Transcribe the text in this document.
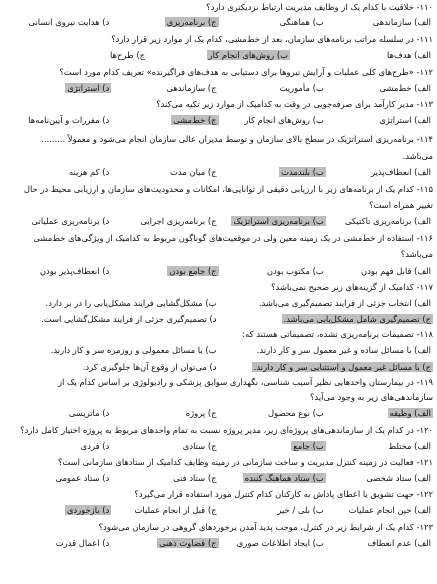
۱۱۰- خلاقیت با کدام یک از وظایف مدیریت ارتباط نزدیکتری دارد؟
الف) سازماندهی
ب) هماهنگی
ج) برنامه‌ریزی
د) هدایت نیروی انسانی
۱۱۱- در سلسله مراتب برنامه‌های سازمان، بعد از خط‌مشی، کدام یک از موارد زیر قرار دارد؟
الف) هدف‌ها
ب) روش‌های انجام کار
ج) طرح‌ها
۱۱۲- «طرح‌های کلی عملیات و آرایش نیروها برای دستیابی به هدف‌های فراگیرنده» تعریف کدام مورد است؟
الف) خط‌مشی
ب) مأموریت
ج) سازماندهی
د) استراتژی
۱۱۳- مدیر کارآمد برای صرفه‌جویی در وقت به کدامیک از موارد زیر تکیه می‌کند؟
الف) استراتژی
ب) روش‌های انجام کار
ج) خط‌مشی
د) مقررات و آیین‌نامه‌ها
۱۱۴- برنامه‌ریزی استراتژیک در سطح بالای سازمان و توسط مدیران عالی سازمان انجام می‌شود و معمولاً .........
می‌باشد.
الف) انعطاف‌پذیر
ب) بلندمدت
ج) میان مدت
د) کم هزینه
۱۱۵- کدام یک از برنامه‌های زیر با ارزیابی دقیقی از توانایی‌ها، امکانات و محدودیت‌های سازمان و ارزیابی محیط در حال
تغییر همراه است؟
الف) برنامه‌ریزی تاکتیکی
ب) برنامه‌ریزی استراتژیک
ج) برنامه‌ریزی اجرایی
د) برنامه‌ریزی عملیاتی
۱۱۶- استفاده از خط‌مشی در یک زمینه معین ولی در موقعیت‌های گوناگون مربوط به کدامیک از ویژگی‌های خط‌مشی
می‌باشد؟
الف) قابل فهم بودن
ب) مکتوب بودن
ج) جامع بودن
د) انعطاف‌پذیر بودن
۱۱۷- کدامیک از گزینه‌های زیر صحیح نمی‌باشد؟
الف) انتخاب جزئی از فرایند تصمیم‌گیری می‌باشد.
ب) مشکل‌گشایی فرایند مشکل‌یابی را در بر دارد.
ج) تصمیم‌گیری شامل مشکل‌یابی می‌باشد.
د) تصمیم‌گیری جزئی از فرایند مشکل‌گشایی است.
۱۱۸- تصمیمات برنامه‌ریزی نشده، تصمیماتی هستند که:
الف) با مسائل ساده و غیر معمول سر و کار دارند.
ب) با مسائل معمولی و روزمره سر و کار دارند.
ج) با مسائل غیر معمول و استثنایی سر و کار دارند.
د) می‌توان از وقوع آن‌ها جلوگیری کرد.
۱۱۹- در بیمارستان واحدهایی نظیر آسیب شناسی، نگهداری سوابق پزشکی و رادیولوژی بر اساس کدام یک از
سازماندهی‌های زیر به وجود می‌آید؟
الف) وظیفه
ب) نوع محصول
ج) پروژه
د) ماتریسی
۱۲۰- در کدام یک از سازماندهی‌های پروژه‌ای زیر، مدیر پروژه نسبت به تمام واحدهای مربوط به پروژه اختیار کامل دارد؟
الف) مختلط
ب) جامع
ج) ستادی
د) فردی
۱۲۱- فعالیت در زمینه کنترل مدیریت و ساخت سازمانی در زمینه وظایف کدامیک از ستادهای سازمانی است؟
الف) ستاد شخصی
ب) ستاد هماهنگ کننده
ج) ستاد فنی
د) ستاد عمومی
۱۲۲- جهت تشویق یا اعطای پاداش به کارکنان کدام کنترل مورد استفاده قرار می‌گیرد؟
الف) حین انجام عملیات
ب) بلی / خیر
ج) قبل از انجام عملیات
د) بازخوردی
۱۲۳- کدام یک از شرایط زیر در کنترل، موجب پدید آمدن برخوردهای گروهی در سازمان می‌شود؟
الف) عدم انعطاف
ب) ایجاد اطلاعات صوری
ج) قضاوت ذهنی
د) اعمال قدرت
